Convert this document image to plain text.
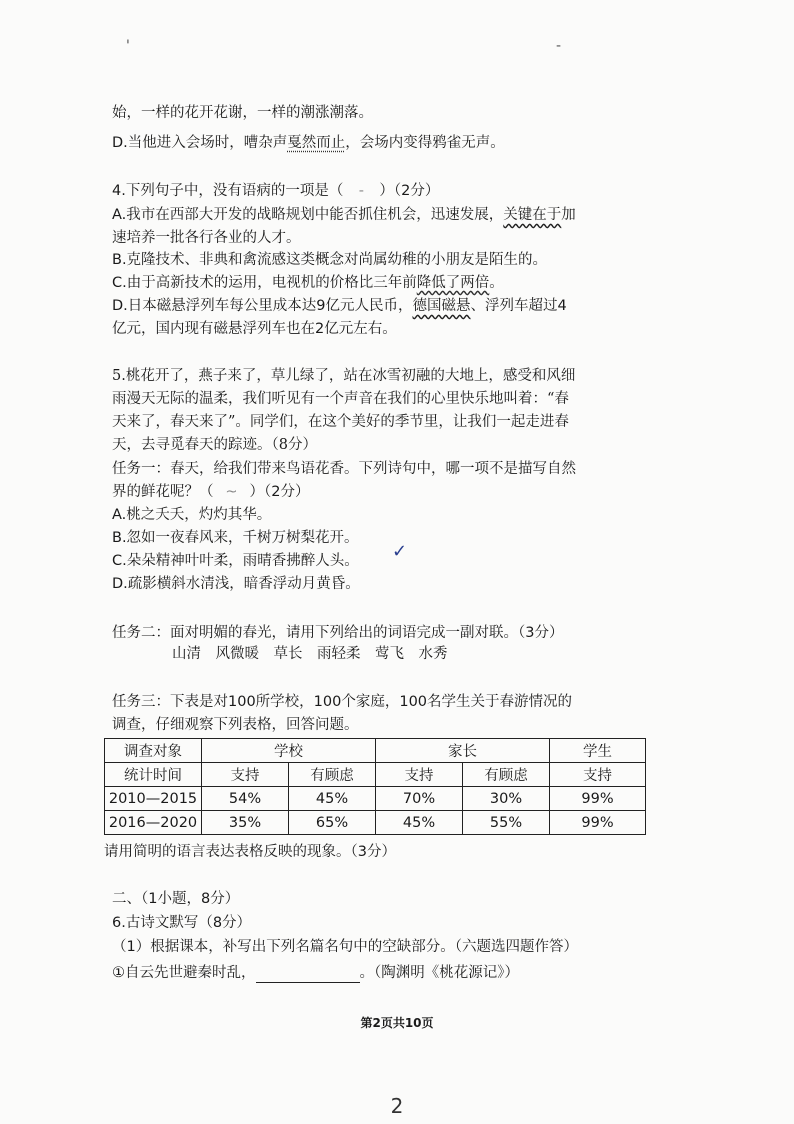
'	-
始，一样的花开花谢，一样的潮涨潮落。
D.当他进入会场时，嘈杂声戛然而止，会场内变得鸦雀无声。
4.下列句子中，没有语病的一项是（ - ）（2分）
A.我市在西部大开发的战略规划中能否抓住机会，迅速发展，关键在于加
速培养一批各行各业的人才。
B.克隆技术、非典和禽流感这类概念对尚属幼稚的小朋友是陌生的。
C.由于高新技术的运用，电视机的价格比三年前降低了两倍。
D.日本磁悬浮列车每公里成本达9亿元人民币，德国磁悬、浮列车超过4
亿元，国内现有磁悬浮列车也在2亿元左右。
5.桃花开了，燕子来了，草儿绿了，站在冰雪初融的大地上，感受和风细
雨漫天无际的温柔，我们听见有一个声音在我们的心里快乐地叫着：“春
天来了，春天来了”。同学们，在这个美好的季节里，让我们一起走进春
天，去寻觅春天的踪迹。（8分）
任务一：春天，给我们带来鸟语花香。下列诗句中，哪一项不是描写自然
界的鲜花呢？（ ~ ）（2分）
A.桃之夭夭，灼灼其华。
B.忽如一夜春风来，千树万树梨花开。
C.朵朵精神叶叶柔，雨晴香拂醉人头。 ✓
D.疏影横斜水清浅，暗香浮动月黄昏。
任务二：面对明媚的春光，请用下列给出的词语完成一副对联。（3分）
山清　风微暖　草长　雨轻柔　莺飞　水秀
任务三：下表是对100所学校，100个家庭，100名学生关于春游情况的
调查，仔细观察下列表格，回答问题。
调查对象	学校		家长		学生
统计时间	支持	有顾虑	支持	有顾虑	支持
2010—2015	54%	45%	70%	30%	99%
2016—2020	35%	65%	45%	55%	99%
请用简明的语言表达表格反映的现象。（3分）
二、（1小题，8分）
6.古诗文默写（8分）
（1）根据课本，补写出下列名篇名句中的空缺部分。（六题选四题作答）
①自云先世避秦时乱，	。（陶渊明《桃花源记》）
第2页共10页
2
